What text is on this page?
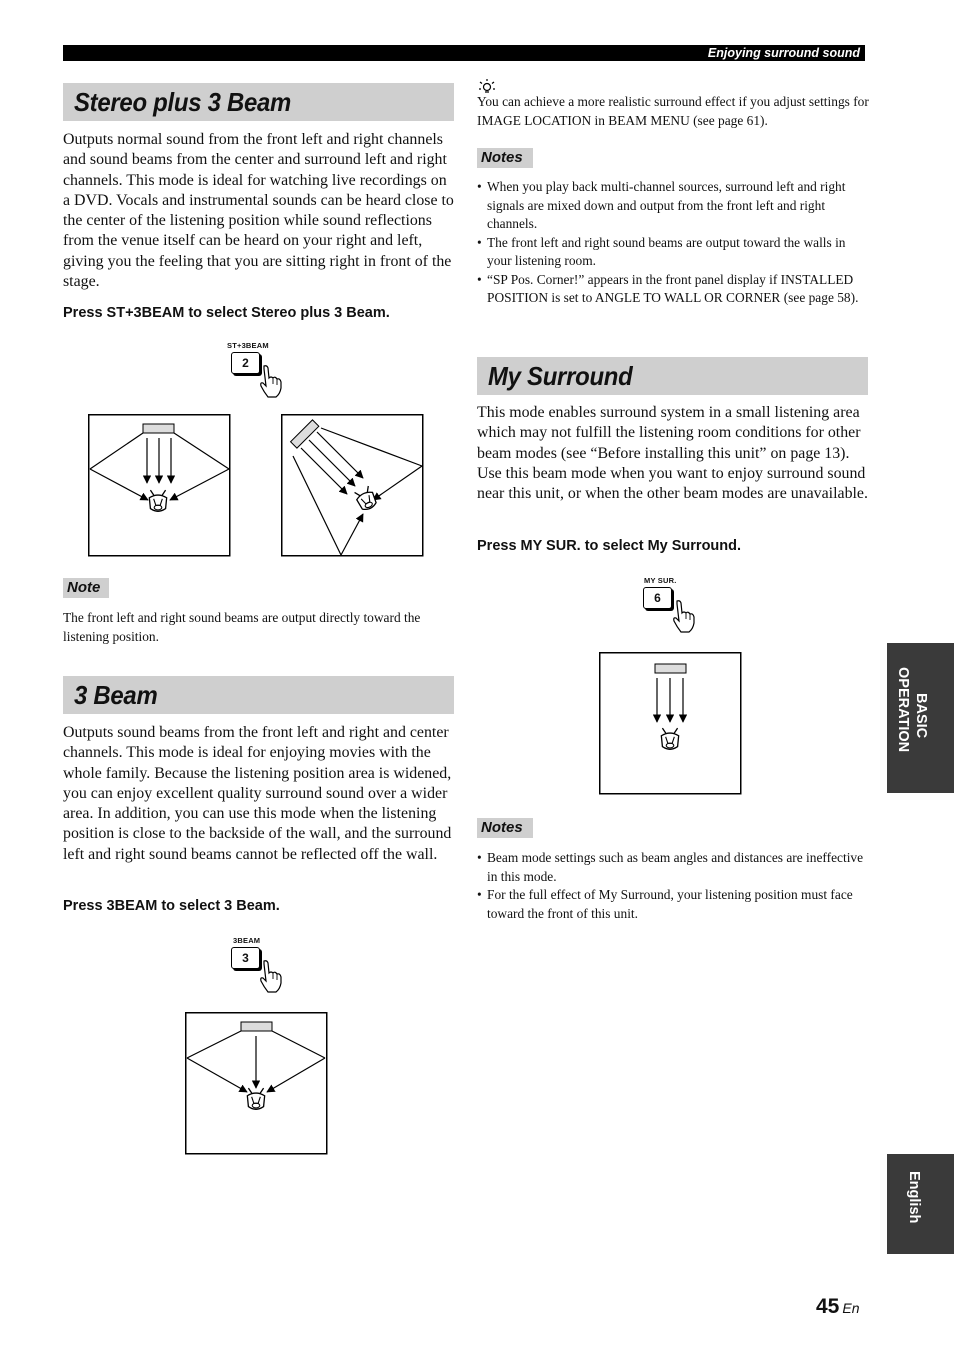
Enjoying surround sound
Stereo plus 3 Beam

Outputs normal sound from the front left and right channels and sound beams from the center and surround left and right channels. This mode is ideal for watching live recordings on a DVD. Vocals and instrumental sounds can be heard close to the center of the listening position while sound reflections from the venue itself can be heard on your right and left, giving you the feeling that you are sitting right in front of the stage.

Press ST+3BEAM to select Stereo plus 3 Beam.
ST+3BEAM
2
Note

The front left and right sound beams are output directly toward the listening position.

3 Beam

Outputs sound beams from the front left and right and center channels. This mode is ideal for enjoying movies with the whole family. Because the listening position area is widened, you can enjoy excellent quality surround sound over a wider area. In addition, you can use this mode when the listening position is close to the backside of the wall, and the surround left and right sound beams cannot be reflected off the wall.

Press 3BEAM to select 3 Beam.
3BEAM
3

You can achieve a more realistic surround effect if you adjust settings for IMAGE LOCATION in BEAM MENU (see page 61).

Notes
• When you play back multi-channel sources, surround left and right signals are mixed down and output from the front left and right channels.
• The front left and right sound beams are output toward the walls in your listening room.
• “SP Pos. Corner!” appears in the front panel display if INSTALLED POSITION is set to ANGLE TO WALL OR CORNER (see page 58).
My Surround

This mode enables surround system in a small listening area which may not fulfill the listening room conditions for other beam modes (see “Before installing this unit” on page 13). Use this beam mode when you want to enjoy surround sound near this unit, or when the other beam modes are unavailable.

Press MY SUR. to select My Surround.
MY SUR.
6
Notes
• Beam mode settings such as beam angles and distances are ineffective in this mode.
• For the full effect of My Surround, your listening position must face toward the front of this unit.
BASIC
OPERATION
English
45 En
